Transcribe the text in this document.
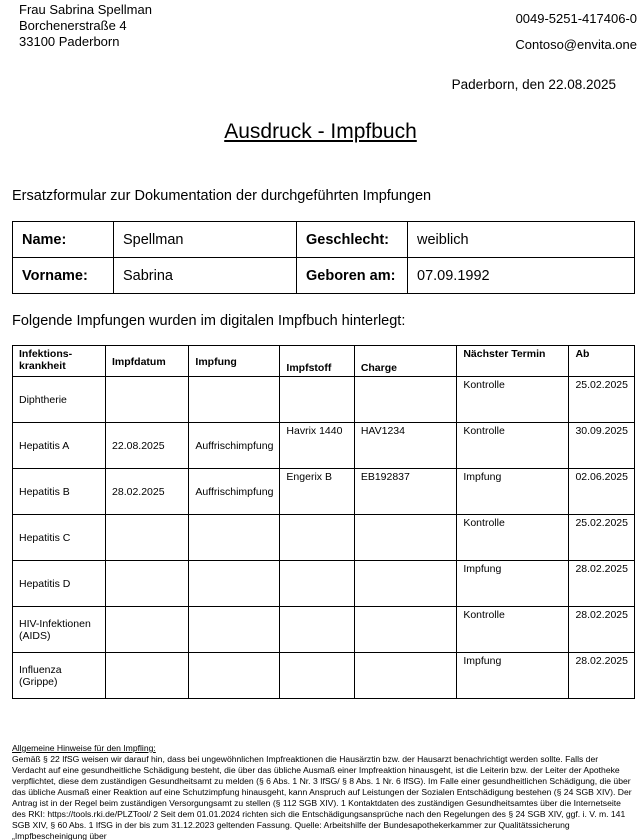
Frau Sabrina Spellman
Borchenerstraße 4
33100 Paderborn
0049-5251-417406-0
Contoso@envita.one
Paderborn, den 22.08.2025
Ausdruck - Impfbuch
Ersatzformular zur Dokumentation der durchgeführten Impfungen
Name:	Spellman	Geschlecht:	weiblich
Vorname:	Sabrina	Geboren am:	07.09.1992
Folgende Impfungen wurden im digitalen Impfbuch hinterlegt:
Infektions-krankheit	Impfdatum	Impfung	Impfstoff	Charge	Nächster Termin	Ab
Diphtherie					Kontrolle	25.02.2025
Hepatitis A	22.08.2025	Auffrischimpfung	Havrix 1440	HAV1234	Kontrolle	30.09.2025
Hepatitis B	28.02.2025	Auffrischimpfung	Engerix B	EB192837	Impfung	02.06.2025
Hepatitis C					Kontrolle	25.02.2025
Hepatitis D					Impfung	28.02.2025
HIV-Infektionen (AIDS)					Kontrolle	28.02.2025
Influenza (Grippe)					Impfung	28.02.2025
Allgemeine Hinweise für den Impfling:
Gemäß § 22 IfSG weisen wir darauf hin, dass bei ungewöhnlichen Impfreaktionen die Hausärztin bzw. der Hausarzt benachrichtigt werden sollte. Falls der Verdacht auf eine gesundheitliche Schädigung besteht, die über das übliche Ausmaß einer Impfreaktion hinausgeht, ist die Leiterin bzw. der Leiter der Apotheke verpflichtet, diese dem zuständigen Gesundheitsamt zu melden (§ 6 Abs. 1 Nr. 3 IfSG/ § 8 Abs. 1 Nr. 6 IfSG). Im Falle einer gesundheitlichen Schädigung, die über das übliche Ausmaß einer Reaktion auf eine Schutzimpfung hinausgeht, kann Anspruch auf Leistungen der Sozialen Entschädigung bestehen (§ 24 SGB XIV). Der Antrag ist in der Regel beim zuständigen Versorgungsamt zu stellen (§ 112 SGB XIV). 1 Kontaktdaten des zuständigen Gesundheitsamtes über die Internetseite des RKI: https://tools.rki.de/PLZTool/ 2 Seit dem 01.01.2024 richten sich die Entschädigungsansprüche nach den Regelungen des § 24 SGB XIV, ggf. i. V. m. 141 SGB XIV, § 60 Abs. 1 IfSG in der bis zum 31.12.2023 geltenden Fassung. Quelle: Arbeitshilfe der Bundesapothekerkammer zur Qualitätssicherung „Impfbescheinigung über
